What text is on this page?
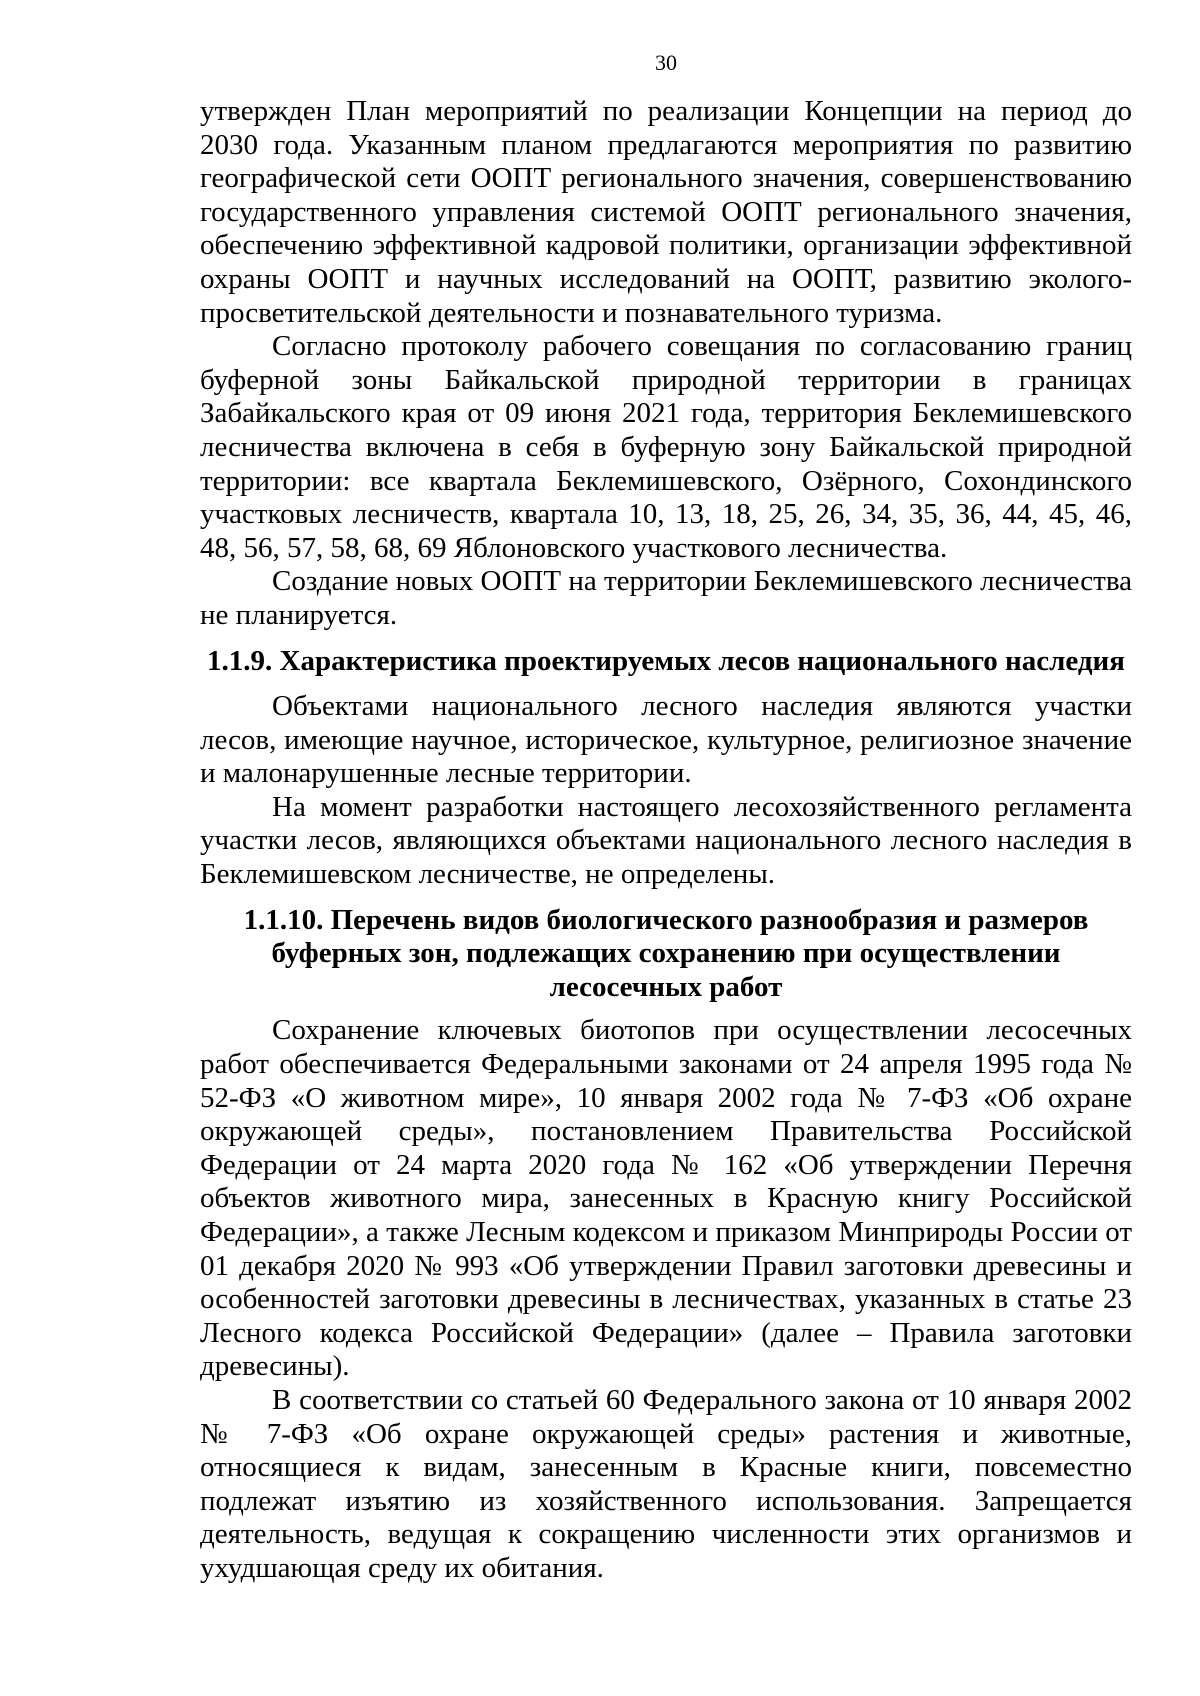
30

утвержден План мероприятий по реализации Концепции на период до 2030 года. Указанным планом предлагаются мероприятия по развитию географической сети ООПТ регионального значения, совершенствованию государственного управления системой ООПТ регионального значения, обеспечению эффективной кадровой политики, организации эффективной охраны ООПТ и научных исследований на ООПТ, развитию эколого-просветительской деятельности и познавательного туризма.

Согласно протоколу рабочего совещания по согласованию границ буферной зоны Байкальской природной территории в границах Забайкальского края от 09 июня 2021 года, территория Беклемишевского лесничества включена в себя в буферную зону Байкальской природной территории: все квартала Беклемишевского, Озёрного, Сохондинского участковых лесничеств, квартала 10, 13, 18, 25, 26, 34, 35, 36, 44, 45, 46, 48, 56, 57, 58, 68, 69 Яблоновского участкового лесничества.

Создание новых ООПТ на территории Беклемишевского лесничества не планируется.

1.1.9. Характеристика проектируемых лесов национального наследия

Объектами национального лесного наследия являются участки лесов, имеющие научное, историческое, культурное, религиозное значение и малонарушенные лесные территории.

На момент разработки настоящего лесохозяйственного регламента участки лесов, являющихся объектами национального лесного наследия в Беклемишевском лесничестве, не определены.

1.1.10. Перечень видов биологического разнообразия и размеров буферных зон, подлежащих сохранению при осуществлении лесосечных работ

Сохранение ключевых биотопов при осуществлении лесосечных работ обеспечивается Федеральными законами от 24 апреля 1995 года № 52-ФЗ «О животном мире», 10 января 2002 года № 7-ФЗ «Об охране окружающей среды», постановлением Правительства Российской Федерации от 24 марта 2020 года № 162 «Об утверждении Перечня объектов животного мира, занесенных в Красную книгу Российской Федерации», а также Лесным кодексом и приказом Минприроды России от 01 декабря 2020 № 993 «Об утверждении Правил заготовки древесины и особенностей заготовки древесины в лесничествах, указанных в статье 23 Лесного кодекса Российской Федерации» (далее – Правила заготовки древесины).

В соответствии со статьей 60 Федерального закона от 10 января 2002 № 7-ФЗ «Об охране окружающей среды» растения и животные, относящиеся к видам, занесенным в Красные книги, повсеместно подлежат изъятию из хозяйственного использования. Запрещается деятельность, ведущая к сокращению численности этих организмов и ухудшающая среду их обитания.
